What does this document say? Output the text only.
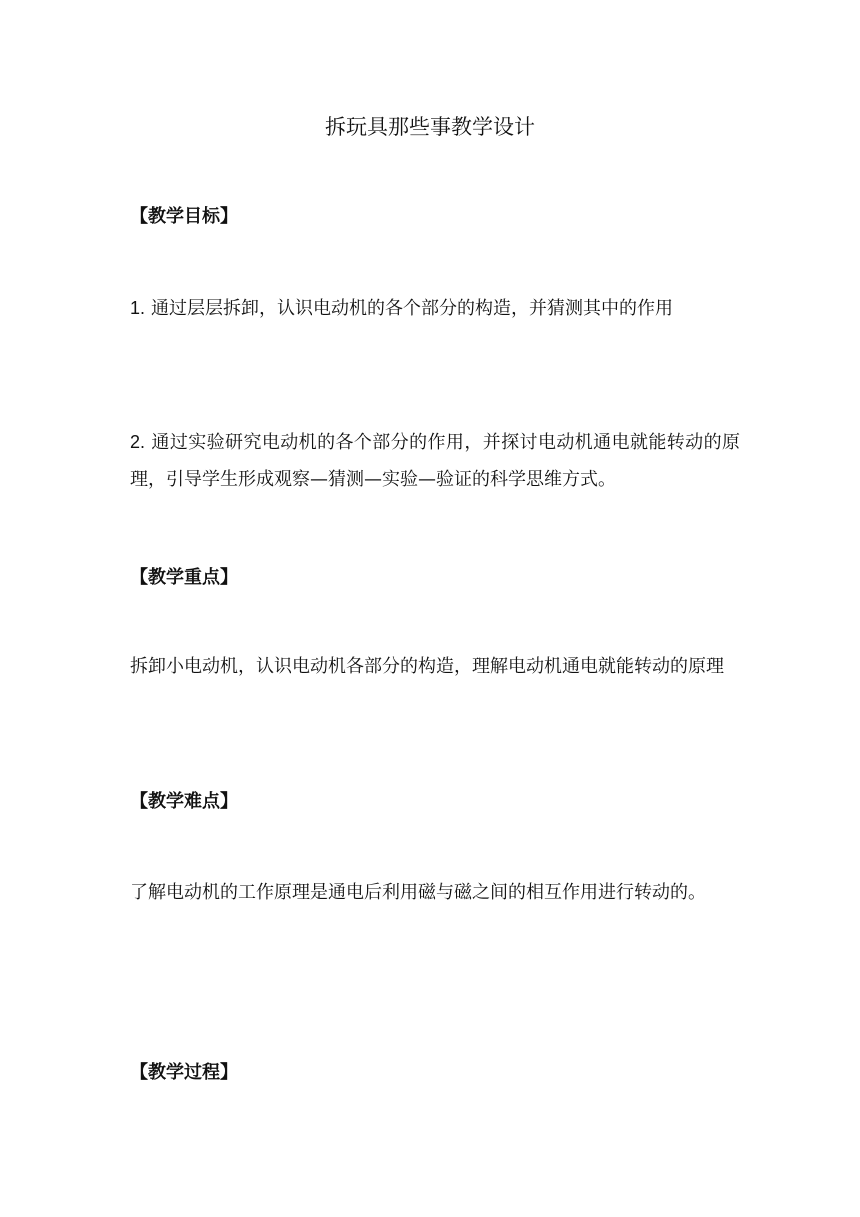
拆玩具那些事教学设计
【教学目标】

1. 通过层层拆卸，认识电动机的各个部分的构造，并猜测其中的作用

2. 通过实验研究电动机的各个部分的作用，并探讨电动机通电就能转动的原理，引导学生形成观察—猜测—实验—验证的科学思维方式。

【教学重点】

拆卸小电动机，认识电动机各部分的构造，理解电动机通电就能转动的原理

【教学难点】

了解电动机的工作原理是通电后利用磁与磁之间的相互作用进行转动的。

【教学过程】
